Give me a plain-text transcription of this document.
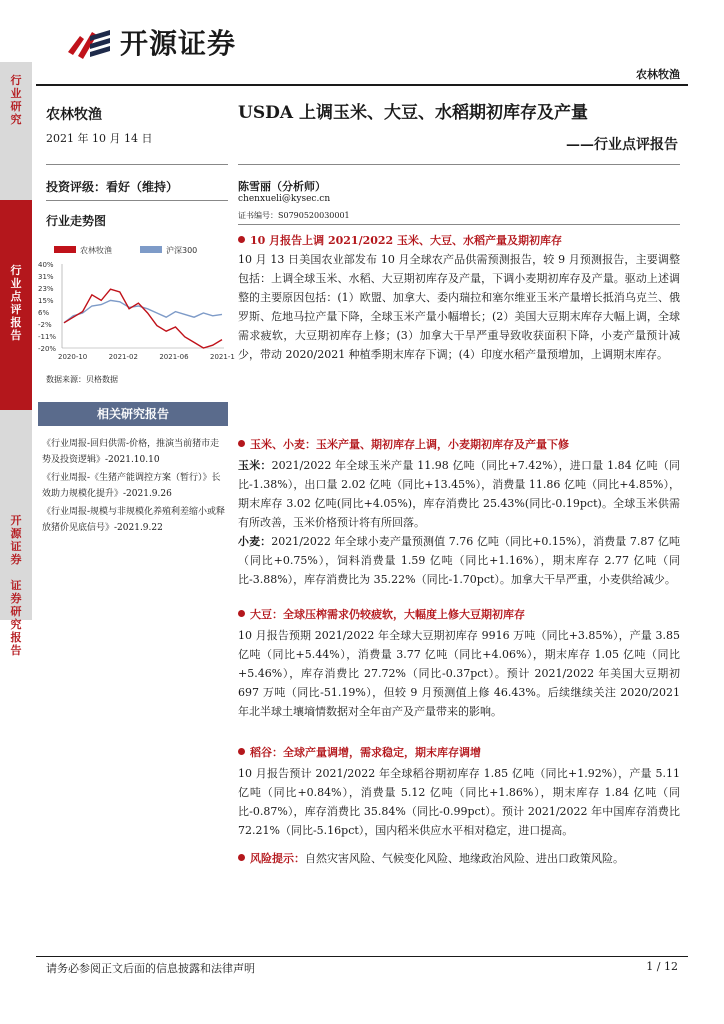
行
业
研
究
行
业
点
评
报
告
开
源
证
券

证
券
研
究
报
告
开源证券
农林牧渔
农林牧渔
2021 年 10 月 14 日
投资评级：看好（维持）
行业走势图
农林牧渔	沪深300
40%
31%
23%
15%
6%
-2%
-11%
-20%
2020-10	2021-02	2021-06	2021-1
数据来源：贝格数据
相关研究报告
《行业周报-回归供需-价格，推演当前猪市走势及投资逻辑》-2021.10.10
《行业周报-《生猪产能调控方案（暂行）》长效助力规模化提升》-2021.9.26
《行业周报-规模与非规模化养殖利差缩小或释放猪价见底信号》-2021.9.22
USDA 上调玉米、大豆、水稻期初库存及产量
——行业点评报告
陈雪丽（分析师）
chenxueli@kysec.cn
证书编号：S0790520030001
10 月报告上调 2021/2022 玉米、大豆、水稻产量及期初库存
10 月 13 日美国农业部发布 10 月全球农产品供需预测报告，较 9 月预测报告，主要调整包括：上调全球玉米、水稻、大豆期初库存及产量，下调小麦期初库存及产量。驱动上述调整的主要原因包括：(1）欧盟、加拿大、委内瑞拉和塞尔维亚玉米产量增长抵消乌克兰、俄罗斯、危地马拉产量下降，全球玉米产量小幅增长；(2）美国大豆期末库存大幅上调，全球需求疲软，大豆期初库存上修；(3）加拿大干旱严重导致收获面积下降，小麦产量预计减少，带动 2020/2021 种植季期末库存下调；(4）印度水稻产量预增加，上调期末库存。
玉米、小麦：玉米产量、期初库存上调，小麦期初库存及产量下修
玉米：2021/2022 年全球玉米产量 11.98 亿吨（同比+7.42%），进口量 1.84 亿吨（同比-1.38%），出口量 2.02 亿吨（同比+13.45%），消费量 11.86 亿吨（同比+4.85%），期末库存 3.02 亿吨(同比+4.05%)，库存消费比 25.43%(同比-0.19pct)。全球玉米供需有所改善，玉米价格预计将有所回落。
小麦：2021/2022 年全球小麦产量预测值 7.76 亿吨（同比+0.15%），消费量 7.87 亿吨（同比+0.75%），饲料消费量 1.59 亿吨（同比+1.16%），期末库存 2.77 亿吨（同比-3.88%），库存消费比为 35.22%（同比-1.70pct）。加拿大干旱严重，小麦供给减少。
大豆：全球压榨需求仍较疲软，大幅度上修大豆期初库存
10 月报告预期 2021/2022 年全球大豆期初库存 9916 万吨（同比+3.85%），产量 3.85 亿吨（同比+5.44%），消费量 3.77 亿吨（同比+4.06%），期末库存 1.05 亿吨（同比+5.46%），库存消费比 27.72%（同比-0.37pct）。预计 2021/2022 年美国大豆期初 697 万吨（同比-51.19%），但较 9 月预测值上修 46.43%。后续继续关注 2020/2021 年北半球土壤墒情数据对全年亩产及产量带来的影响。
稻谷：全球产量调增，需求稳定，期末库存调增
10 月报告预计 2021/2022 年全球稻谷期初库存 1.85 亿吨（同比+1.92%），产量 5.11 亿吨（同比+0.84%），消费量 5.12 亿吨（同比+1.86%），期末库存 1.84 亿吨（同比-0.87%），库存消费比 35.84%（同比-0.99pct）。预计 2021/2022 年中国库存消费比 72.21%（同比-5.16pct），国内稻米供应水平相对稳定，进口提高。
风险提示：自然灾害风险、气候变化风险、地缘政治风险、进出口政策风险。
请务必参阅正文后面的信息披露和法律声明	1 / 12
